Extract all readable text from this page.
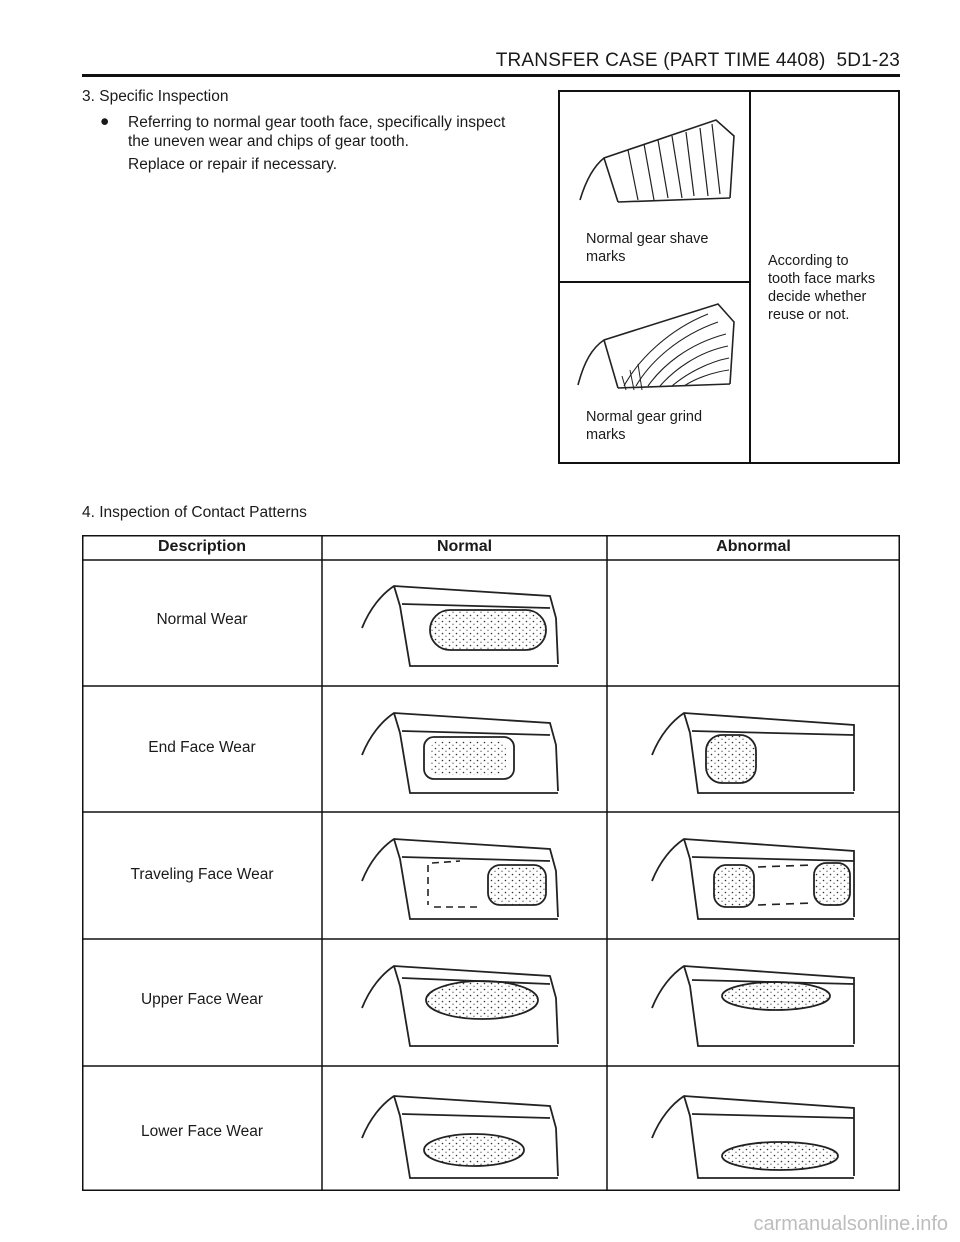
TRANSFER CASE (PART TIME 4408) 5D1-23
3. Specific Inspection
● Referring to normal gear tooth face, specifically inspect the uneven wear and chips of gear tooth.
Replace or repair if necessary.
Normal gear shave
marks
Normal gear grind
marks
According to
tooth face marks
decide whether
reuse or not.
4. Inspection of Contact Patterns
Description	Normal	Abnormal
Normal Wear
End Face Wear
Traveling Face Wear
Upper Face Wear
Lower Face Wear
carmanualsonline.info
